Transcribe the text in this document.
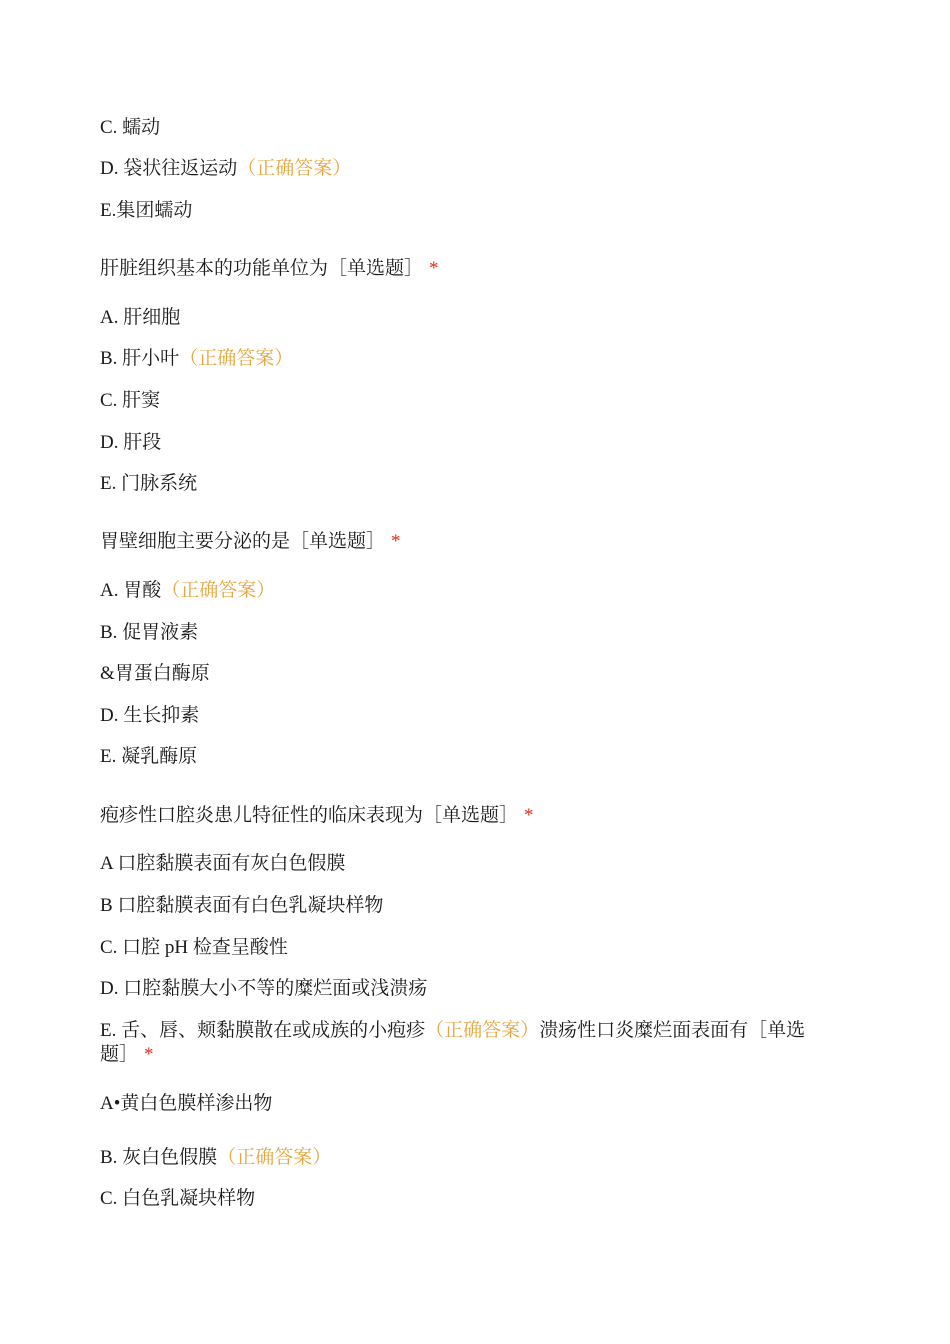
C. 蠕动
D. 袋状往返运动（正确答案）
E.集团蠕动
肝脏组织基本的功能单位为［单选题］ *
A. 肝细胞
B. 肝小叶（正确答案）
C. 肝窦
D. 肝段
E. 门脉系统
胃壁细胞主要分泌的是［单选题］ *
A. 胃酸（正确答案）
B. 促胃液素
&胃蛋白酶原
D. 生长抑素
E. 凝乳酶原
疱疹性口腔炎患儿特征性的临床表现为［单选题］ *
A 口腔黏膜表面有灰白色假膜
B 口腔黏膜表面有白色乳凝块样物
C. 口腔 pH 检查呈酸性
D. 口腔黏膜大小不等的糜烂面或浅溃疡
E. 舌、唇、颊黏膜散在或成族的小疱疹（正确答案）溃疡性口炎糜烂面表面有［单选题］ *
A•黄白色膜样渗出物
B. 灰白色假膜（正确答案）
C. 白色乳凝块样物
